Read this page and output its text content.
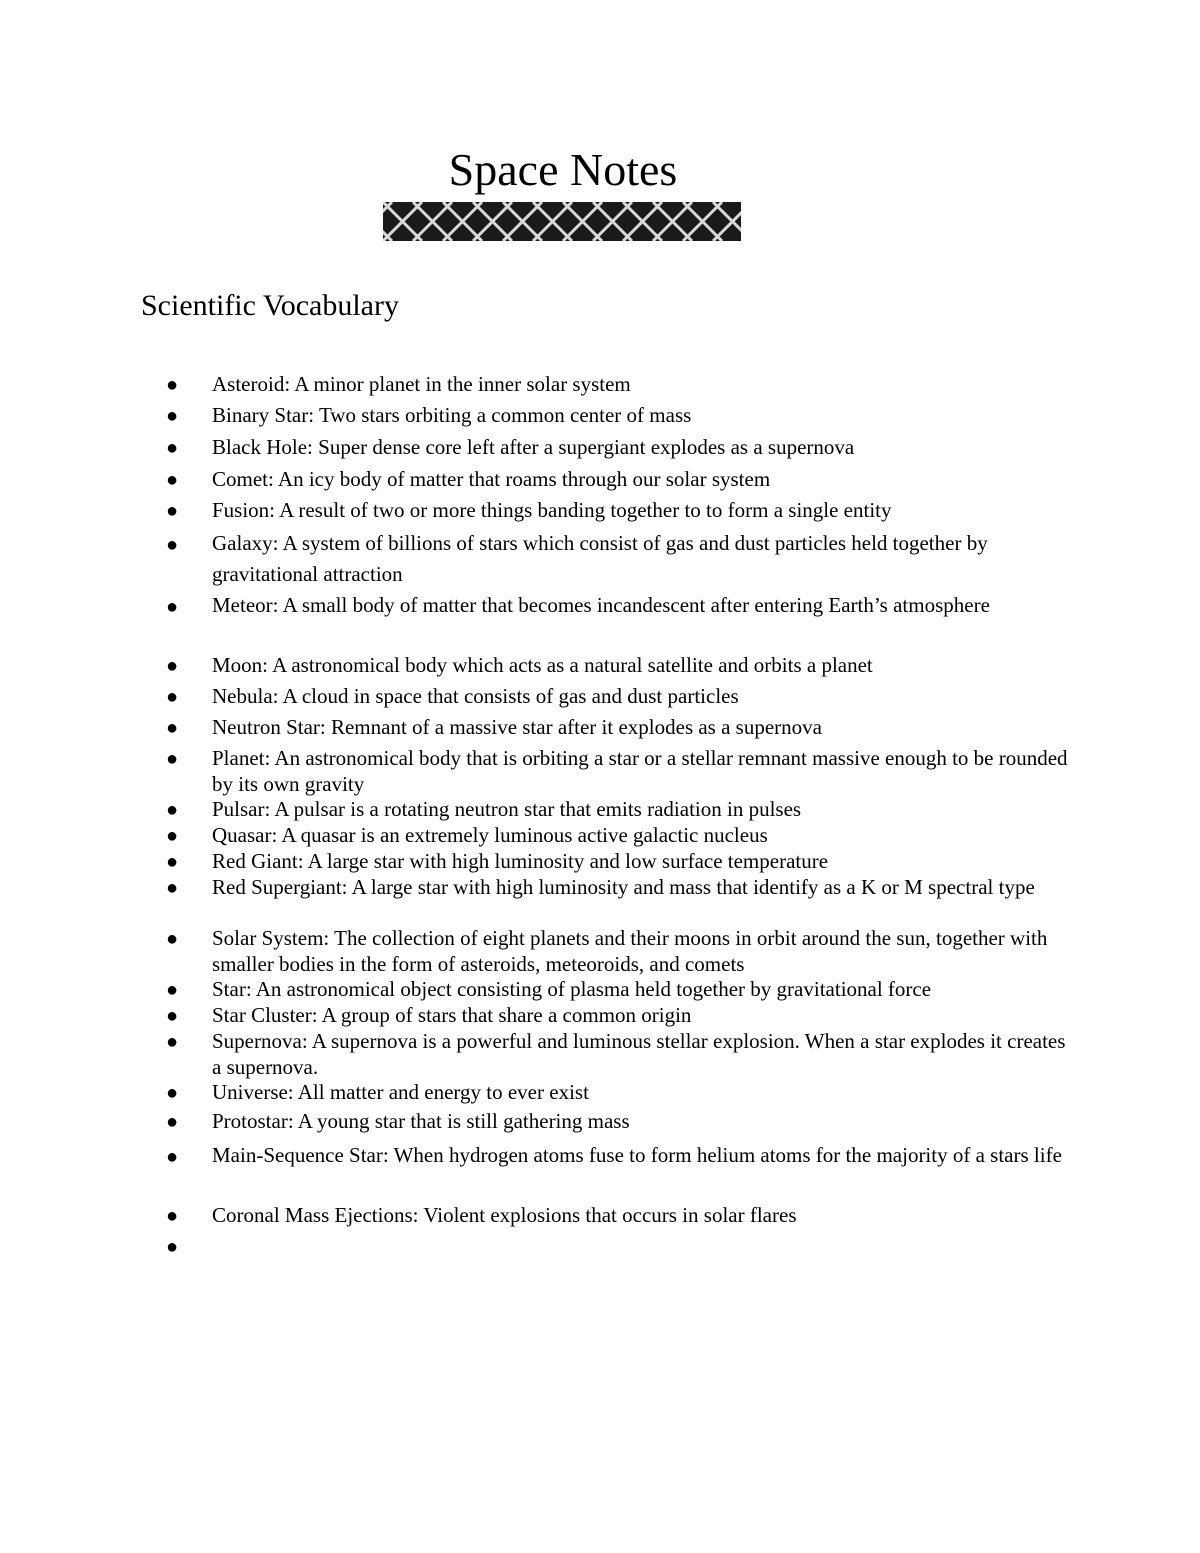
Space Notes
Scientific Vocabulary
● Asteroid: A minor planet in the inner solar system
● Binary Star: Two stars orbiting a common center of mass
● Black Hole: Super dense core left after a supergiant explodes as a supernova
● Comet: An icy body of matter that roams through our solar system
● Fusion: A result of two or more things banding together to to form a single entity
● Galaxy: A system of billions of stars which consist of gas and dust particles held together by gravitational attraction
● Meteor: A small body of matter that becomes incandescent after entering Earth’s atmosphere
● Moon: A astronomical body which acts as a natural satellite and orbits a planet
● Nebula: A cloud in space that consists of gas and dust particles
● Neutron Star: Remnant of a massive star after it explodes as a supernova
● Planet: An astronomical body that is orbiting a star or a stellar remnant massive enough to be rounded by its own gravity
● Pulsar: A pulsar is a rotating neutron star that emits radiation in pulses
● Quasar: A quasar is an extremely luminous active galactic nucleus
● Red Giant: A large star with high luminosity and low surface temperature
● Red Supergiant: A large star with high luminosity and mass that identify as a K or M spectral type
● Solar System: The collection of eight planets and their moons in orbit around the sun, together with smaller bodies in the form of asteroids, meteoroids, and comets
● Star: An astronomical object consisting of plasma held together by gravitational force
● Star Cluster: A group of stars that share a common origin
● Supernova: A supernova is a powerful and luminous stellar explosion. When a star explodes it creates a supernova.
● Universe: All matter and energy to ever exist
● Protostar: A young star that is still gathering mass
● Main-Sequence Star: When hydrogen atoms fuse to form helium atoms for the majority of a stars life
● Coronal Mass Ejections: Violent explosions that occurs in solar flares
●
